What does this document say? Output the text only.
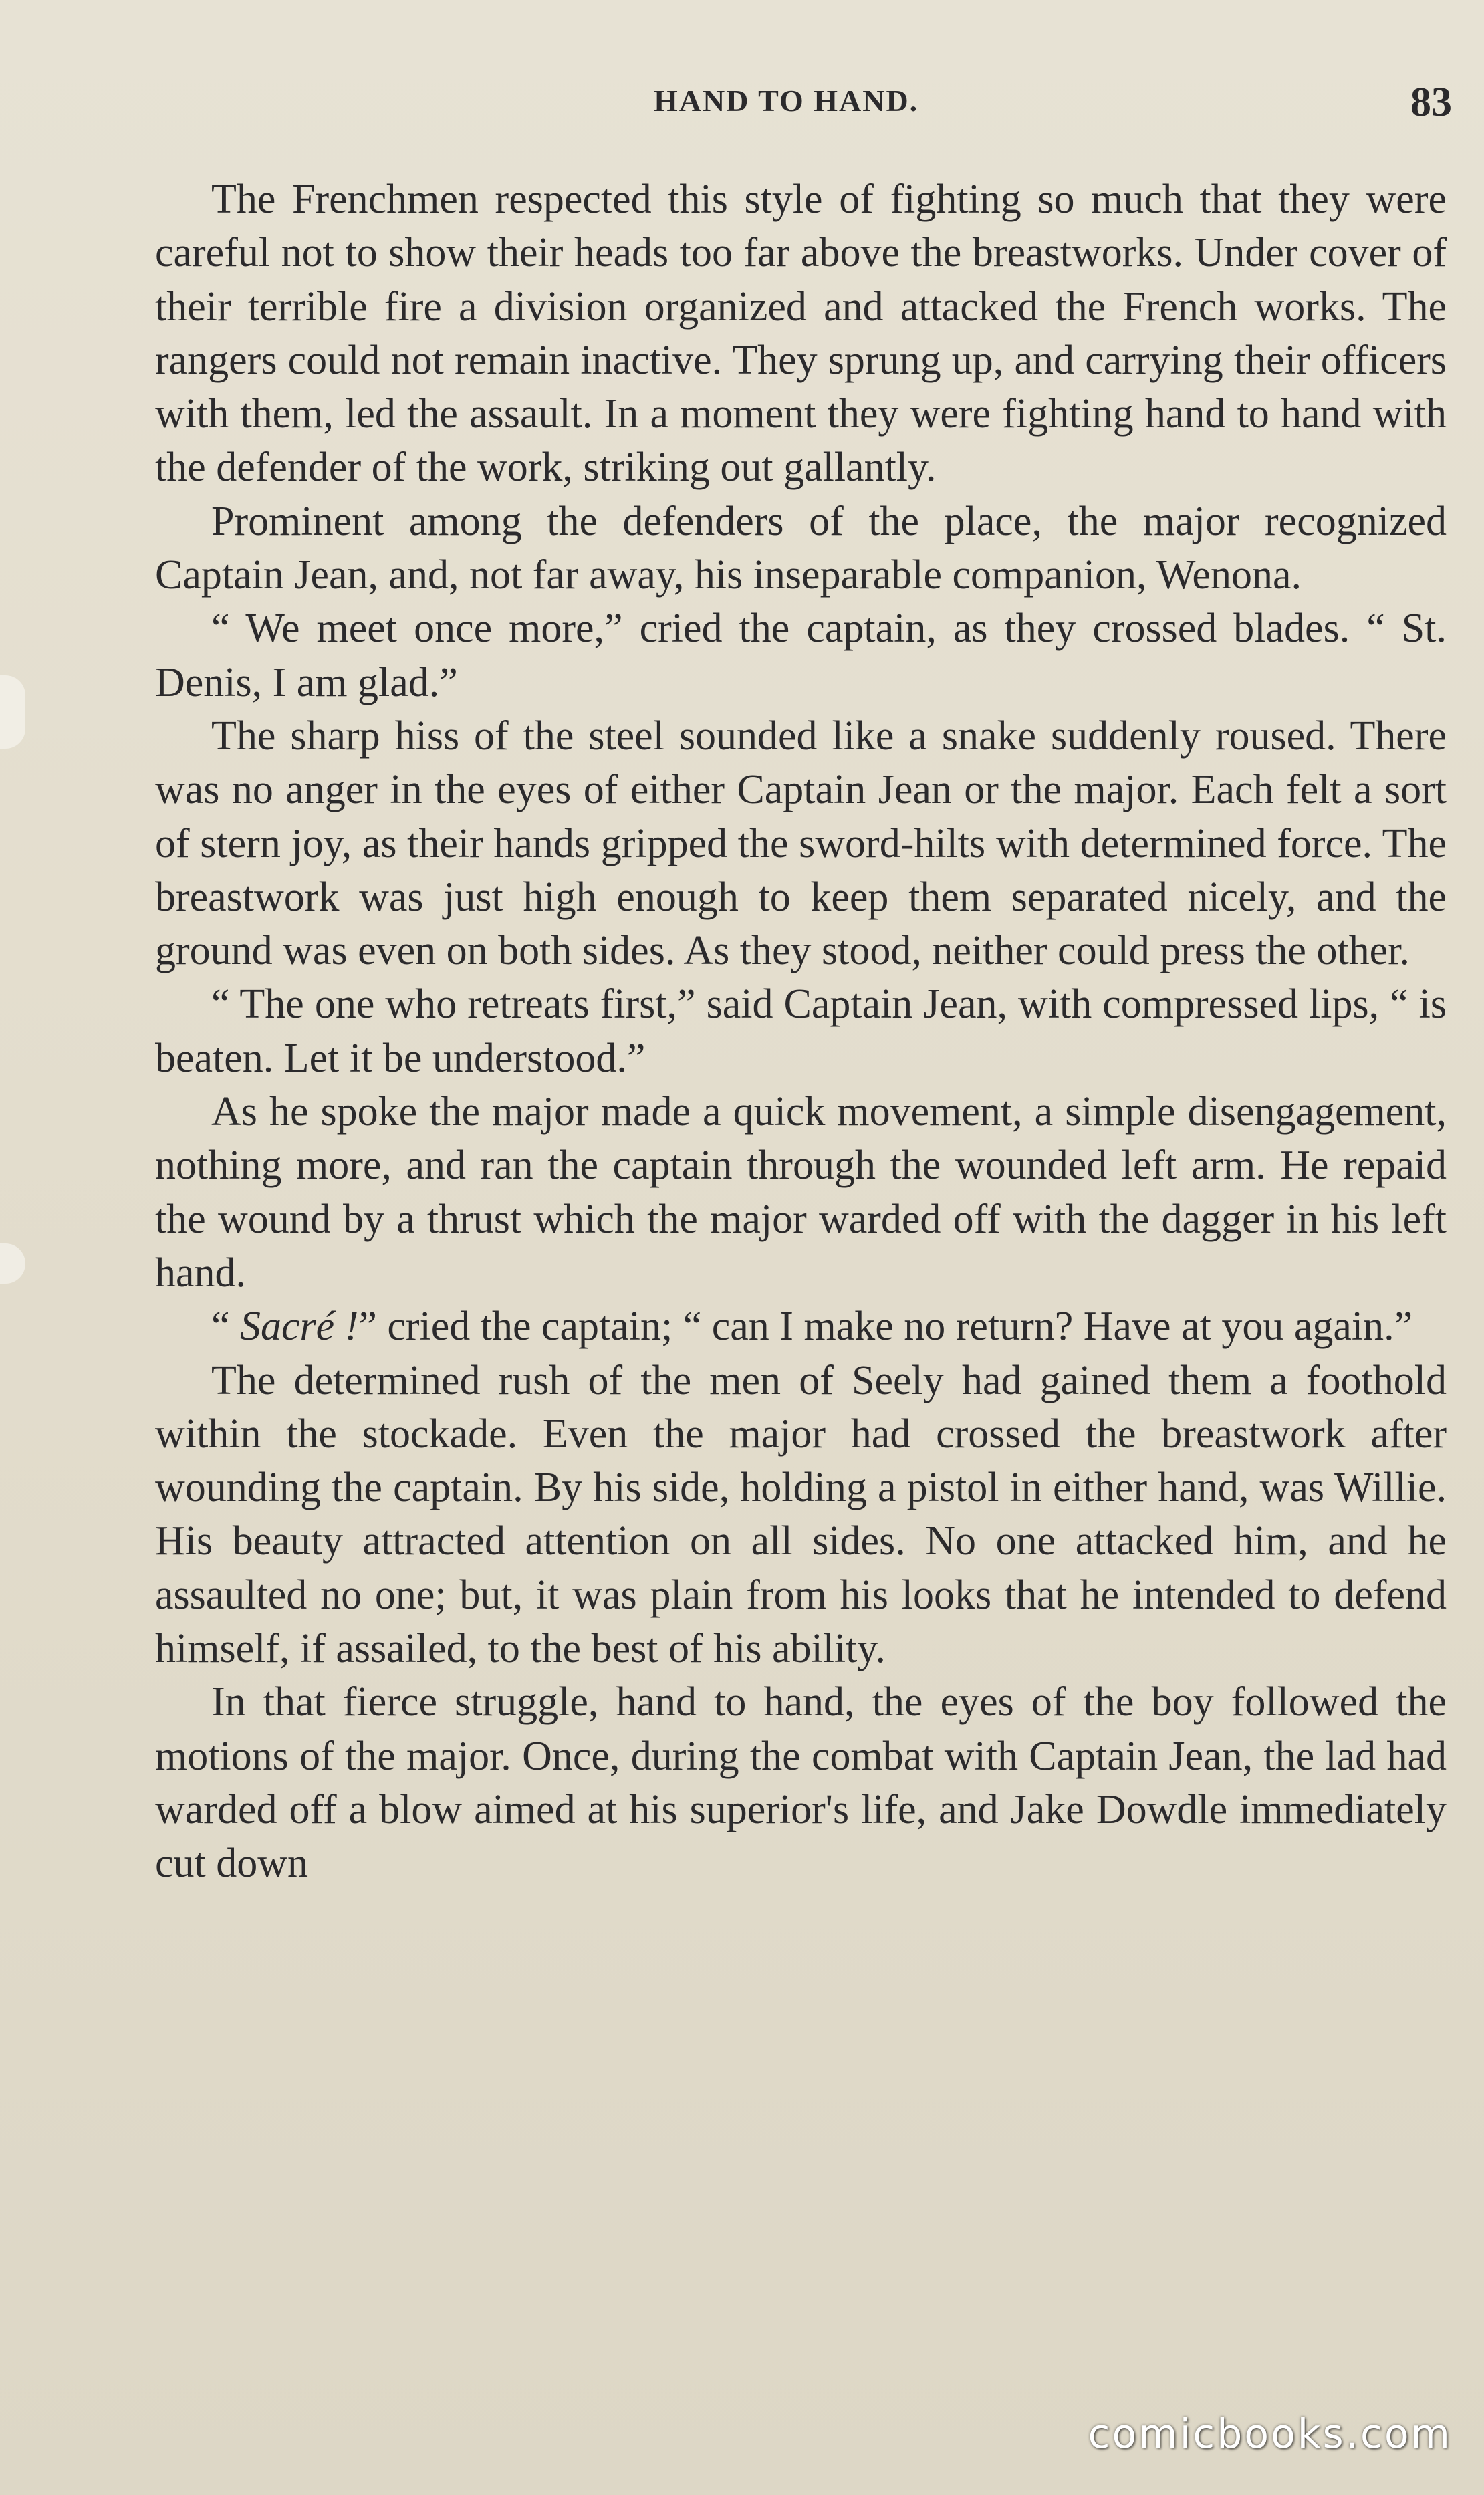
HAND TO HAND.	83

The Frenchmen respected this style of fighting so much that they were careful not to show their heads too far above the breastworks. Under cover of their terrible fire a division organized and attacked the French works. The rangers could not remain inactive. They sprung up, and carrying their officers with them, led the assault. In a moment they were fighting hand to hand with the defender of the work, striking out gallantly.

Prominent among the defenders of the place, the major recognized Captain Jean, and, not far away, his inseparable companion, Wenona.

“ We meet once more,” cried the captain, as they crossed blades. “ St. Denis, I am glad.”

The sharp hiss of the steel sounded like a snake suddenly roused. There was no anger in the eyes of either Captain Jean or the major. Each felt a sort of stern joy, as their hands gripped the sword-hilts with determined force. The breastwork was just high enough to keep them separated nicely, and the ground was even on both sides. As they stood, neither could press the other.

“ The one who retreats first,” said Captain Jean, with compressed lips, “ is beaten. Let it be understood.”

As he spoke the major made a quick movement, a simple disengagement, nothing more, and ran the captain through the wounded left arm. He repaid the wound by a thrust which the major warded off with the dagger in his left hand.

“ Sacré !” cried the captain; “ can I make no return? Have at you again.”

The determined rush of the men of Seely had gained them a foothold within the stockade. Even the major had crossed the breastwork after wounding the captain. By his side, holding a pistol in either hand, was Willie. His beauty attracted attention on all sides. No one attacked him, and he assaulted no one; but, it was plain from his looks that he intended to defend himself, if assailed, to the best of his ability.

In that fierce struggle, hand to hand, the eyes of the boy followed the motions of the major. Once, during the combat with Captain Jean, the lad had warded off a blow aimed at his superior's life, and Jake Dowdle immediately cut down

comicbooks.com
